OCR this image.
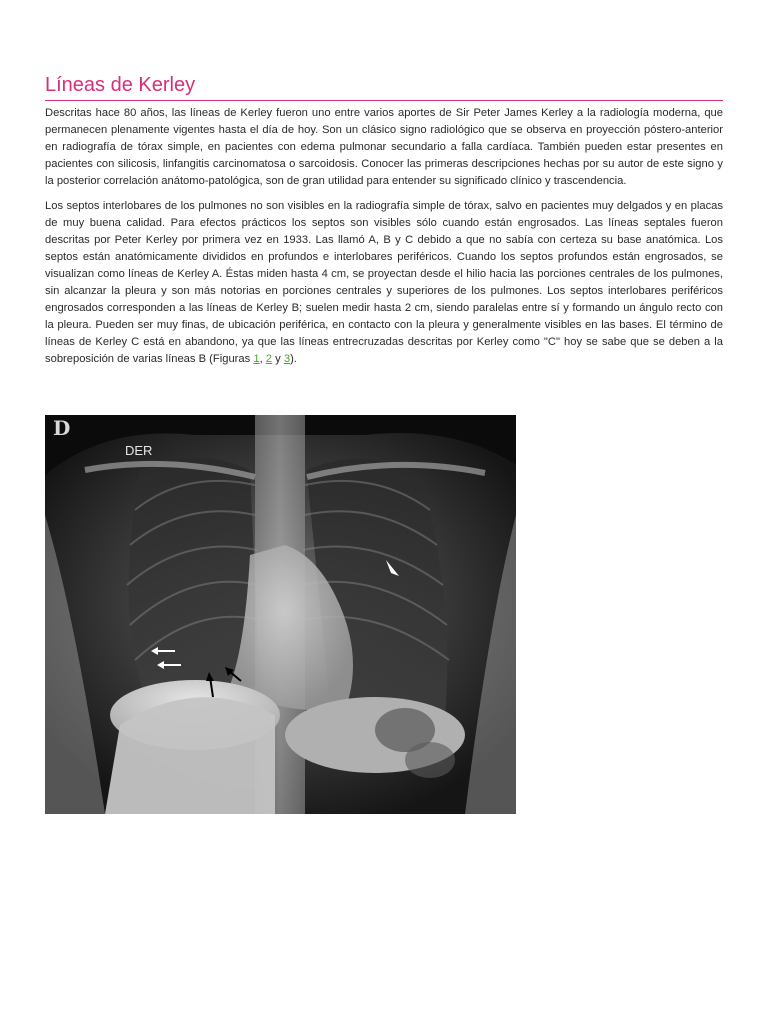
Líneas de Kerley

Descritas hace 80 años, las líneas de Kerley fueron uno entre varios aportes de Sir Peter James Kerley a la radiología moderna, que permanecen plenamente vigentes hasta el día de hoy. Son un clásico signo radiológico que se observa en proyección póstero-anterior en radiografía de tórax simple, en pacientes con edema pulmonar secundario a falla cardíaca. También pueden estar presentes en pacientes con silicosis, linfangitis carcinomatosa o sarcoidosis. Conocer las primeras descripciones hechas por su autor de este signo y la posterior correlación anátomo-patológica, son de gran utilidad para entender su significado clínico y trascendencia.

Los septos interlobares de los pulmones no son visibles en la radiografía simple de tórax, salvo en pacientes muy delgados y en placas de muy buena calidad. Para efectos prácticos los septos son visibles sólo cuando están engrosados. Las líneas septales fueron descritas por Peter Kerley por primera vez en 1933. Las llamó A, B y C debido a que no sabía con certeza su base anatómica. Los septos están anatómicamente divididos en profundos e interlobares periféricos. Cuando los septos profundos están engrosados, se visualizan como líneas de Kerley A. Éstas miden hasta 4 cm, se proyectan desde el hilio hacia las porciones centrales de los pulmones, sin alcanzar la pleura y son más notorias en porciones centrales y superiores de los pulmones. Los septos interlobares periféricos engrosados corresponden a las líneas de Kerley B; suelen medir hasta 2 cm, siendo paralelas entre sí y formando un ángulo recto con la pleura. Pueden ser muy finas, de ubicación periférica, en contacto con la pleura y generalmente visibles en las bases. El término de líneas de Kerley C está en abandono, ya que las líneas entrecruzadas descritas por Kerley como "C" hoy se sabe que se deben a la sobreposición de varias líneas B (Figuras 1, 2 y 3).

D
DER
